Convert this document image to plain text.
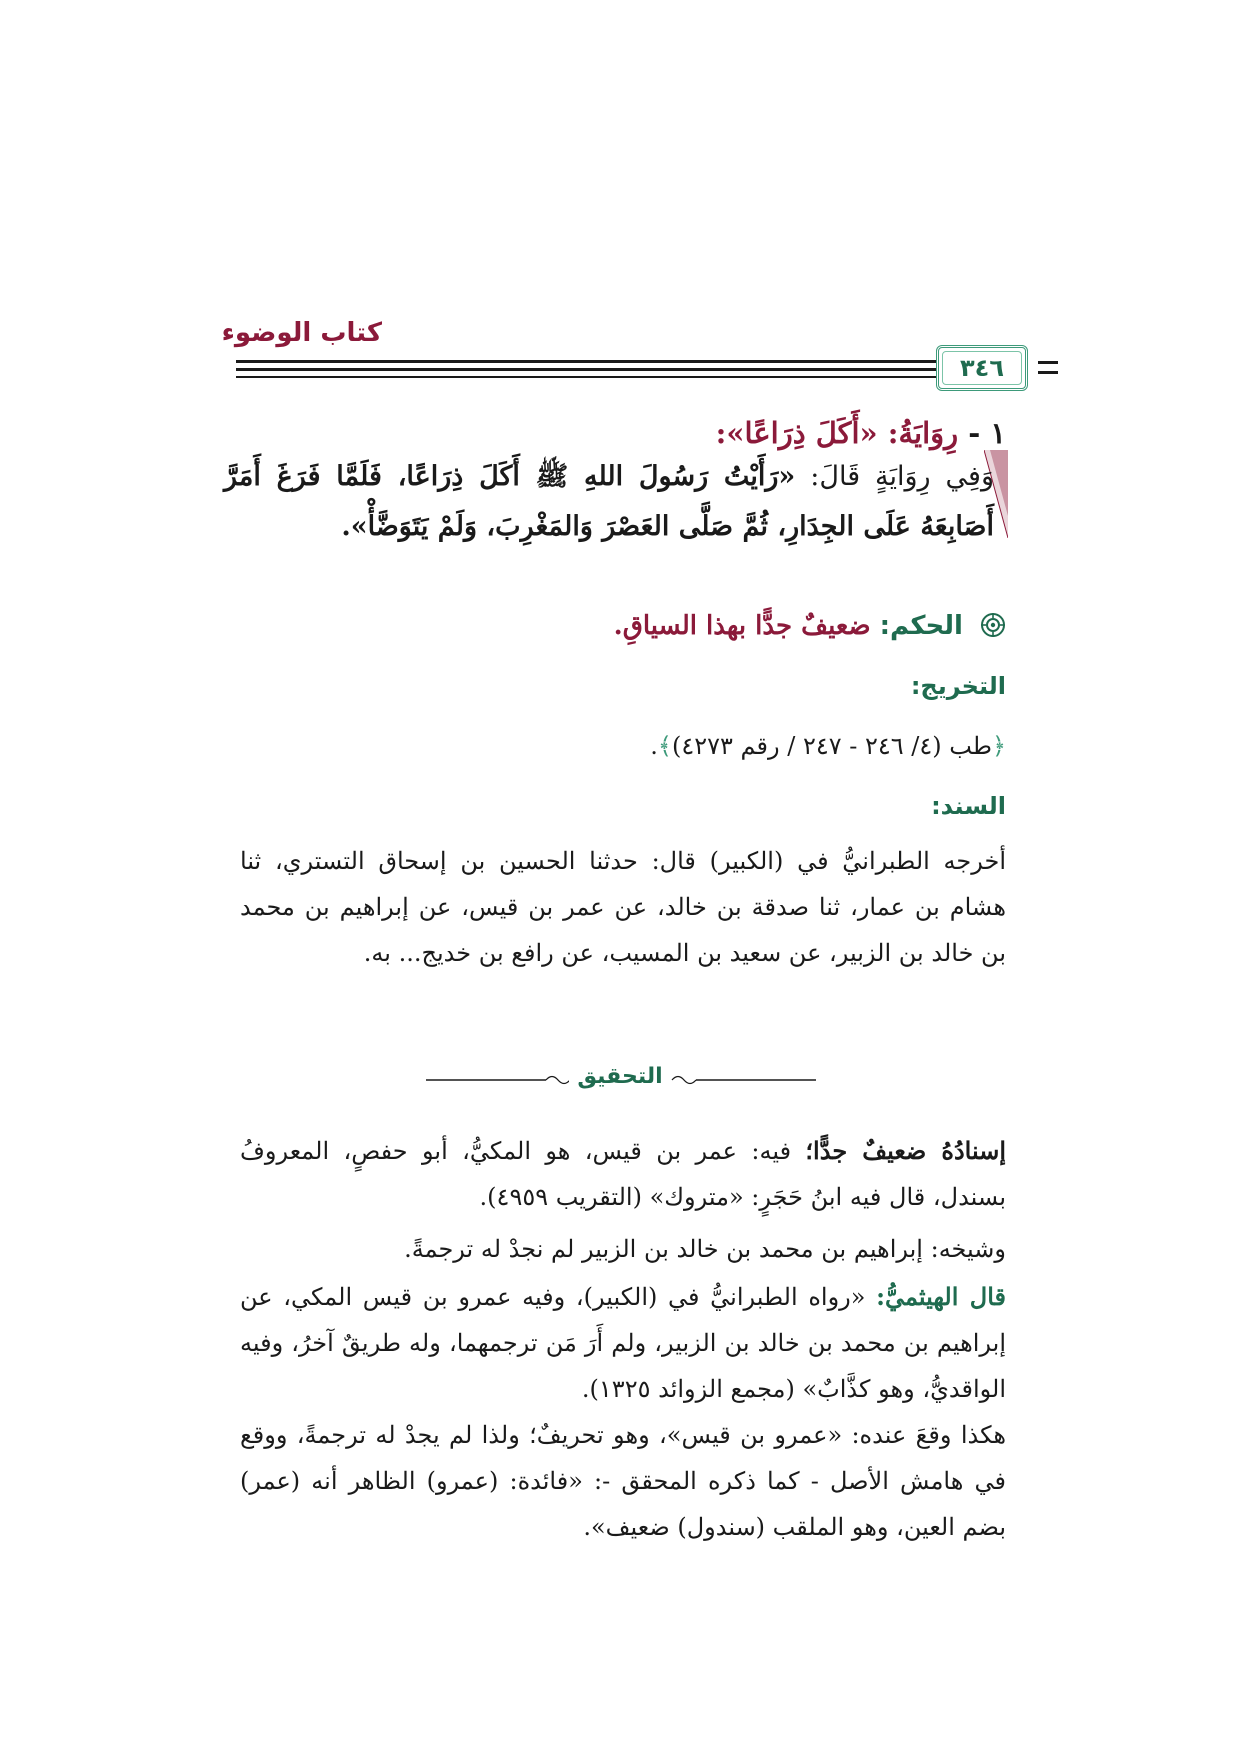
كتاب الوضوء
٣٤٦
١ - رِوَايَةُ: «أَكَلَ ذِرَاعًا»:
وَفِي رِوَايَةٍ قَالَ: «رَأَيْتُ رَسُولَ اللهِ ﷺ أَكَلَ ذِرَاعًا، فَلَمَّا فَرَغَ أَمَرَّ أَصَابِعَهُ عَلَى الجِدَارِ، ثُمَّ صَلَّى العَصْرَ وَالمَغْرِبَ، وَلَمْ يَتَوَضَّأْ».
الحكم: ضعيفٌ جدًّا بهذا السياقِ.
التخريج:
﴿طب (٤/ ٢٤٦ - ٢٤٧ / رقم ٤٢٧٣)﴾.
السند:
أخرجه الطبرانيُّ في (الكبير) قال: حدثنا الحسين بن إسحاق التستري، ثنا هشام بن عمار، ثنا صدقة بن خالد، عن عمر بن قيس، عن إبراهيم بن محمد بن خالد بن الزبير، عن سعيد بن المسيب، عن رافع بن خديج... به.
التحقيق
إسنادُهُ ضعيفٌ جدًّا؛ فيه: عمر بن قيس، هو المكيُّ، أبو حفصٍ، المعروفُ بسندل، قال فيه ابنُ حَجَرٍ: «متروك» (التقريب ٤٩٥٩).
وشيخه: إبراهيم بن محمد بن خالد بن الزبير لم نجدْ له ترجمةً.
قال الهيثميُّ: «رواه الطبرانيُّ في (الكبير)، وفيه عمرو بن قيس المكي، عن إبراهيم بن محمد بن خالد بن الزبير، ولم أَرَ مَن ترجمهما، وله طريقٌ آخرُ، وفيه الواقديُّ، وهو كذَّابٌ» (مجمع الزوائد ١٣٢٥).
هكذا وقعَ عنده: «عمرو بن قيس»، وهو تحريفٌ؛ ولذا لم يجدْ له ترجمةً، ووقع في هامش الأصل - كما ذكره المحقق -: «فائدة: (عمرو) الظاهر أنه (عمر) بضم العين، وهو الملقب (سندول) ضعيف».
